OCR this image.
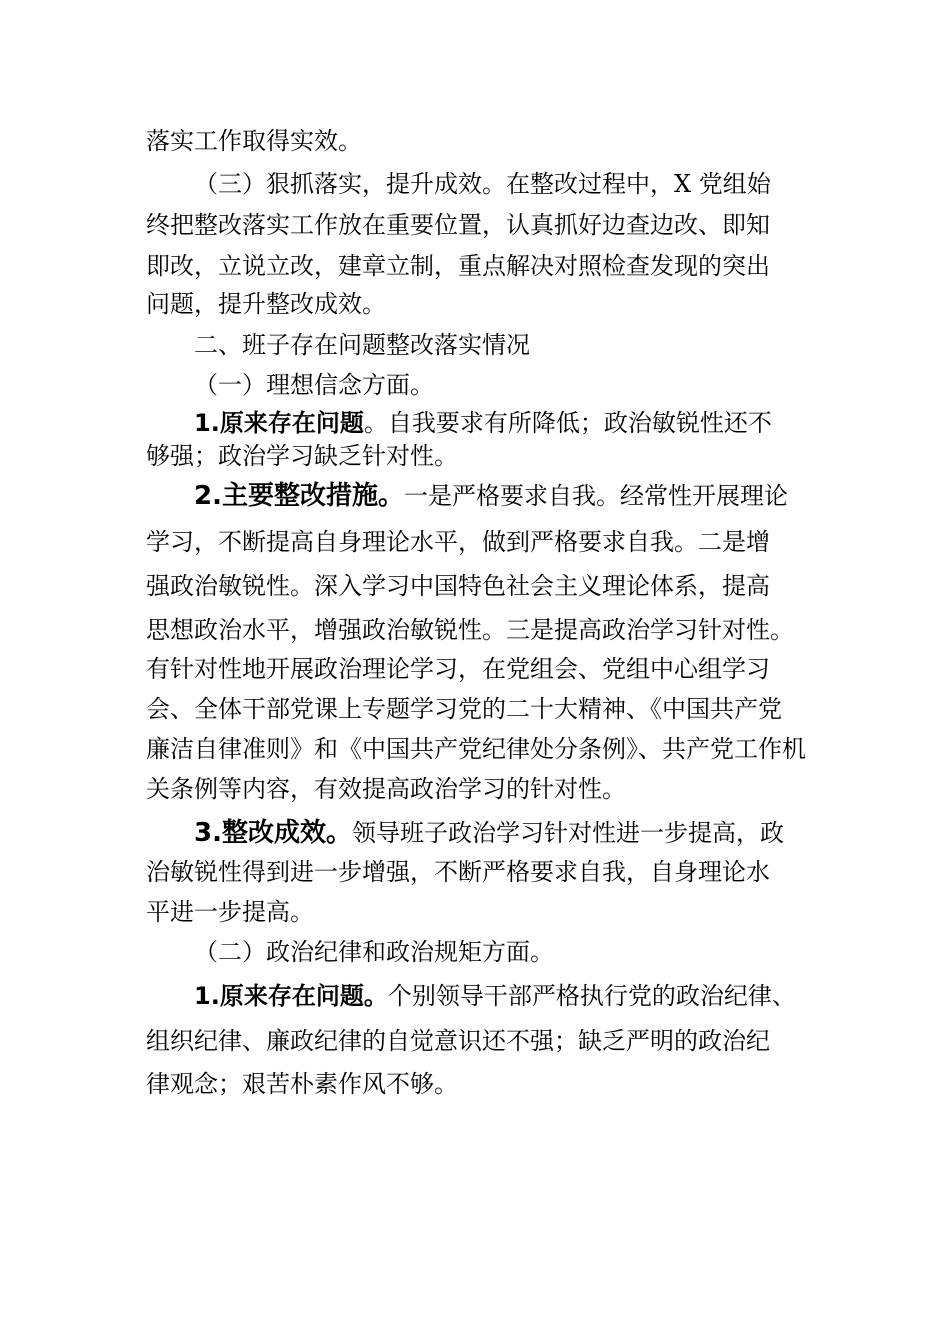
落实工作取得实效。
（三）狠抓落实，提升成效。在整改过程中，X 党组始
终把整改落实工作放在重要位置，认真抓好边查边改、即知
即改，立说立改，建章立制，重点解决对照检查发现的突出
问题，提升整改成效。
二、班子存在问题整改落实情况
（一）理想信念方面。
1.原来存在问题。自我要求有所降低；政治敏锐性还不
够强；政治学习缺乏针对性。
2.主要整改措施。一是严格要求自我。经常性开展理论
学习，不断提高自身理论水平，做到严格要求自我。二是增
强政治敏锐性。深入学习中国特色社会主义理论体系，提高
思想政治水平，增强政治敏锐性。三是提高政治学习针对性。
有针对性地开展政治理论学习，在党组会、党组中心组学习
会、全体干部党课上专题学习党的二十大精神、《中国共产党
廉洁自律准则》和《中国共产党纪律处分条例》、共产党工作机
关条例等内容，有效提高政治学习的针对性。
3.整改成效。领导班子政治学习针对性进一步提高，政
治敏锐性得到进一步增强，不断严格要求自我，自身理论水
平进一步提高。
（二）政治纪律和政治规矩方面。
1.原来存在问题。个别领导干部严格执行党的政治纪律、
组织纪律、廉政纪律的自觉意识还不强；缺乏严明的政治纪
律观念；艰苦朴素作风不够。
